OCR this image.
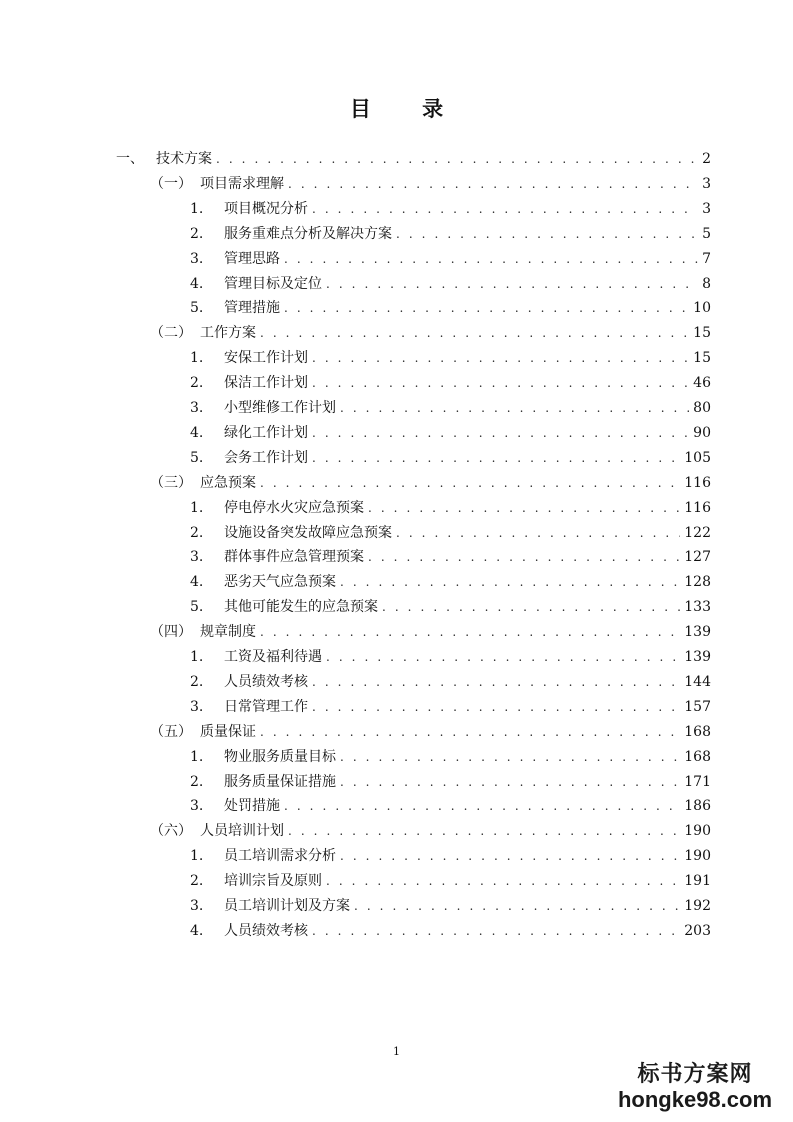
目 录
一、 技术方案 . . .	2
（一） 项目需求理解 . . .	3
1.	项目概况分析 . . .	3
2.	服务重难点分析及解决方案 . . .	5
3.	管理思路 . . .	7
4.	管理目标及定位 . . .	8
5.	管理措施 . . .	10
（二） 工作方案 . . .	15
1.	安保工作计划 . . .	15
2.	保洁工作计划 . . .	46
3.	小型维修工作计划 . . .	80
4.	绿化工作计划 . . .	90
5.	会务工作计划 . . .	105
（三） 应急预案 . . .	116
1.	停电停水火灾应急预案 . . .	116
2.	设施设备突发故障应急预案 . . .	122
3.	群体事件应急管理预案 . . .	127
4.	恶劣天气应急预案 . . .	128
5.	其他可能发生的应急预案 . . .	133
（四） 规章制度 . . .	139
1.	工资及福利待遇 . . .	139
2.	人员绩效考核 . . .	144
3.	日常管理工作 . . .	157
（五） 质量保证 . . .	168
1.	物业服务质量目标 . . .	168
2.	服务质量保证措施 . . .	171
3.	处罚措施 . . .	186
（六） 人员培训计划 . . .	190
1.	员工培训需求分析 . . .	190
2.	培训宗旨及原则 . . .	191
3.	员工培训计划及方案 . . .	192
4.	人员绩效考核 . . .	203
1
标书方案网
hongke98.com
